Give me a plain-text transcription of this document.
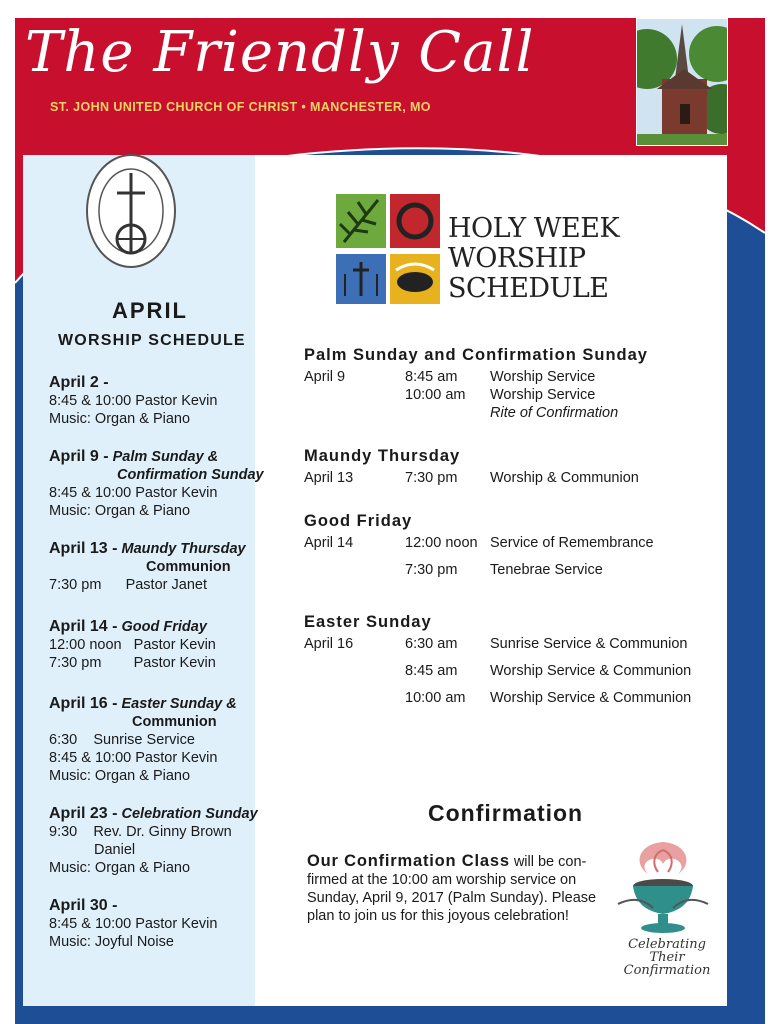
The Friendly Call
ST. JOHN UNITED CHURCH OF CHRIST • MANCHESTER, MO
HOLY WEEK
WORSHIP
SCHEDULE
APRIL
WORSHIP SCHEDULE
April 2 -
8:45 & 10:00 Pastor Kevin
Music: Organ & Piano
April 9 - Palm Sunday &
Confirmation Sunday
8:45 & 10:00 Pastor Kevin
Music: Organ & Piano
April 13 - Maundy Thursday
Communion
7:30 pm      Pastor Janet
April 14 - Good Friday
12:00 noon   Pastor Kevin
7:30 pm        Pastor Kevin
April 16 - Easter Sunday &
Communion
6:30    Sunrise Service
8:45 & 10:00 Pastor Kevin
Music: Organ & Piano
April 23 - Celebration Sunday
9:30    Rev. Dr. Ginny Brown
Daniel
Music: Organ & Piano
April 30 -
8:45 & 10:00 Pastor Kevin
Music: Joyful Noise
Palm Sunday and Confirmation Sunday
April 9	8:45 am Worship Service
10:00 am Worship Service
Rite of Confirmation
Maundy Thursday
April 13	7:30 pm Worship & Communion
Good Friday
April 14	12:00 noon Service of Remembrance
7:30 pm Tenebrae Service
Easter Sunday
April 16	6:30 am Sunrise Service & Communion
8:45 am Worship Service & Communion
10:00 am Worship Service & Communion
Confirmation
Our Confirmation Class will be con-
firmed at the 10:00 am worship service on
Sunday, April 9, 2017 (Palm Sunday). Please
plan to join us for this joyous celebration!
Celebrating Their
Confirmation
